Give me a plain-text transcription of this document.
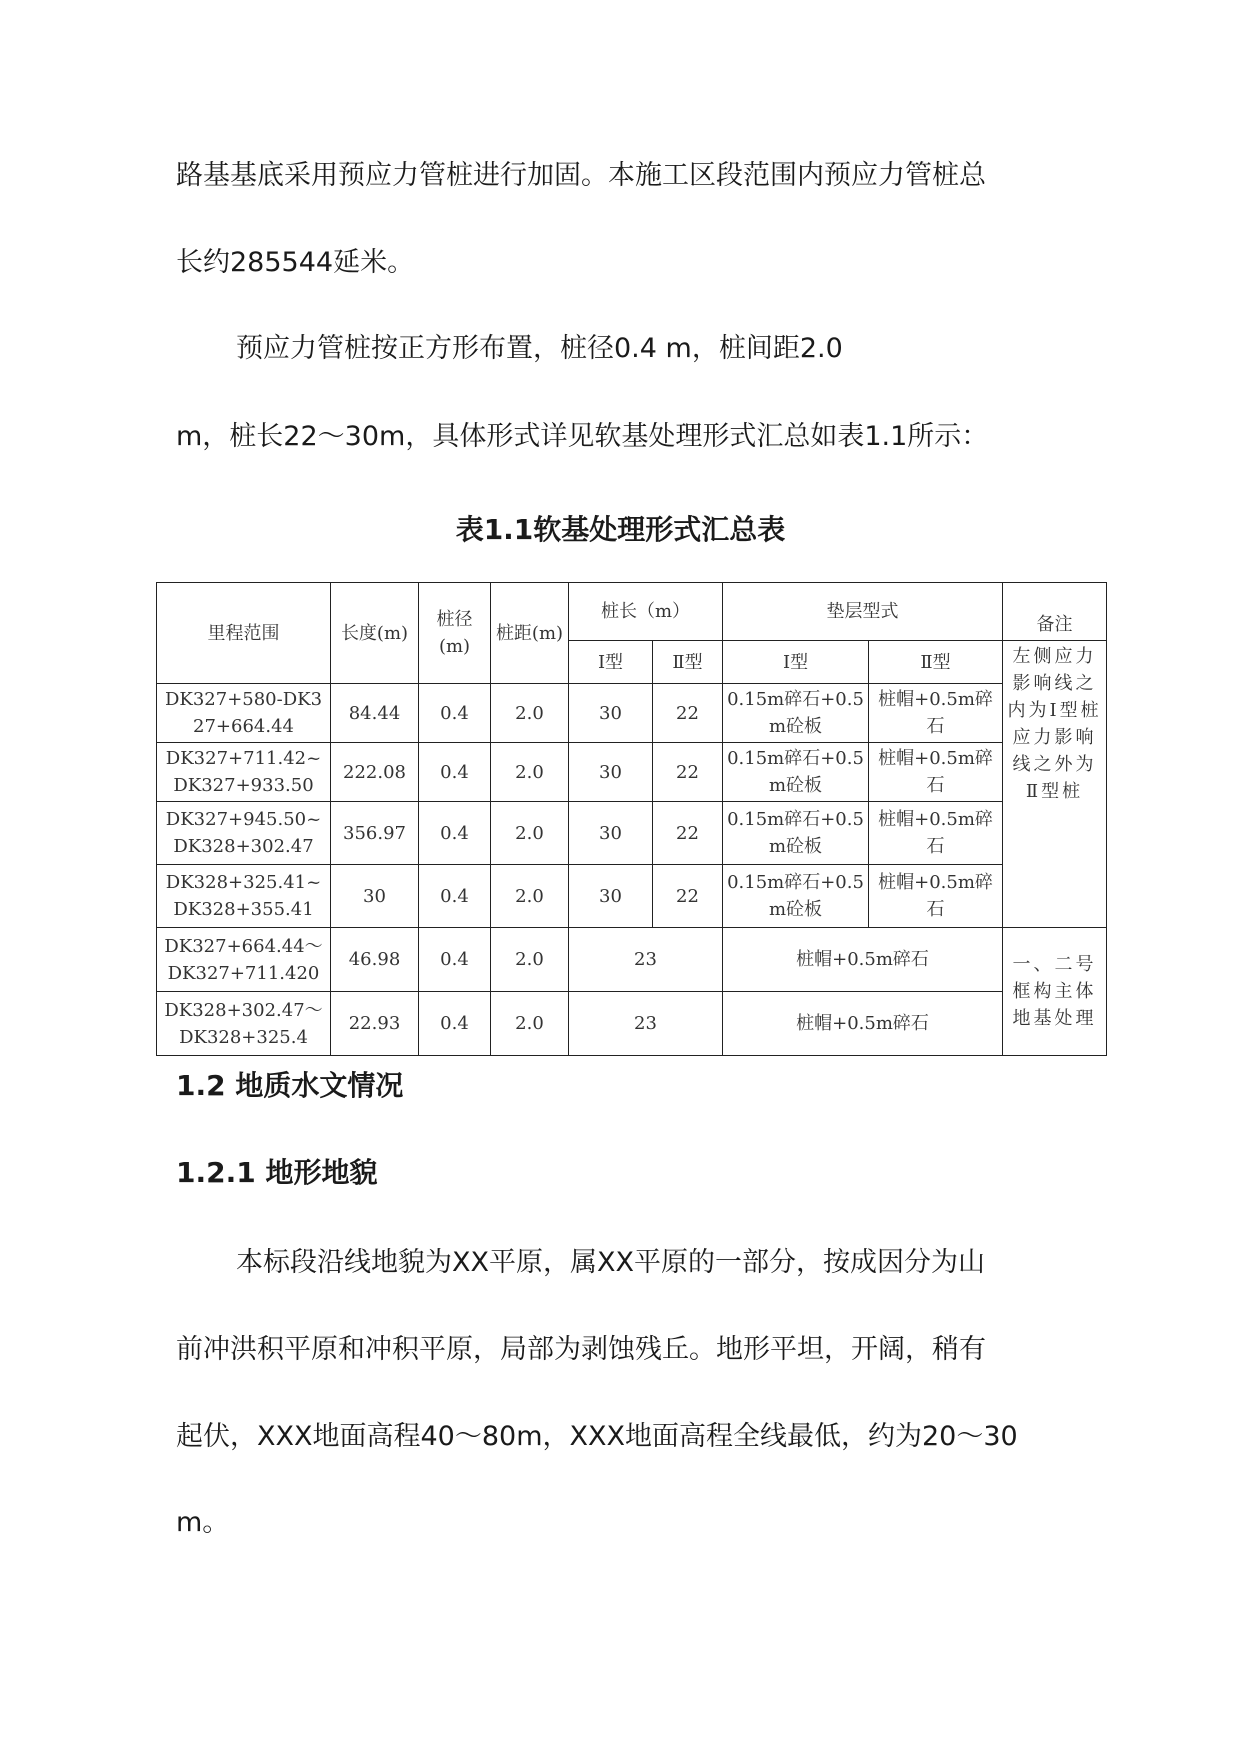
路基基底采用预应力管桩进行加固。本施工区段范围内预应力管桩总

长约285544延米。

预应力管桩按正方形布置，桩径0.4 m，桩间距2.0

m，桩长22～30m，具体形式详见软基处理形式汇总如表1.1所示：

表1.1软基处理形式汇总表

里程范围	长度(m)	桩径(m)	桩距(m)	桩长（m）		垫层型式		备注
				Ⅰ型	Ⅱ型	Ⅰ型	Ⅱ型	左侧应力影响线之内为Ⅰ型桩应力影响线之外为Ⅱ型桩
DK327+580-DK327+664.44	84.44	0.4	2.0	30	22	0.15m碎石+0.5m砼板	桩帽+0.5m碎石	
DK327+711.42~DK327+933.50	222.08	0.4	2.0	30	22	0.15m碎石+0.5m砼板	桩帽+0.5m碎石	
DK327+945.50~DK328+302.47	356.97	0.4	2.0	30	22	0.15m碎石+0.5m砼板	桩帽+0.5m碎石	
DK328+325.41~DK328+355.41	30	0.4	2.0	30	22	0.15m碎石+0.5m砼板	桩帽+0.5m碎石	
DK327+664.44～DK327+711.420	46.98	0.4	2.0	23		桩帽+0.5m碎石		一、二号框构主体地基处理
DK328+302.47～DK328+325.4	22.93	0.4	2.0	23		桩帽+0.5m碎石		
1.2 地质水文情况
1.2.1 地形地貌

本标段沿线地貌为XX平原，属XX平原的一部分，按成因分为山

前冲洪积平原和冲积平原，局部为剥蚀残丘。地形平坦，开阔，稍有

起伏，XXX地面高程40～80m，XXX地面高程全线最低，约为20～30

m。
